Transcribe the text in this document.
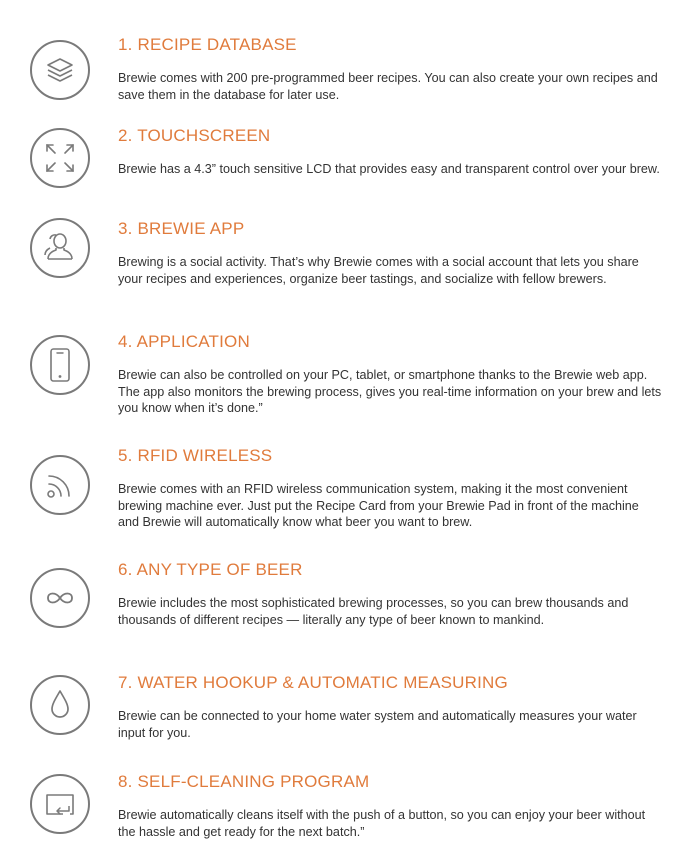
1. RECIPE DATABASE

Brewie comes with 200 pre-programmed beer recipes. You can also create your own recipes and save them in the database for later use.

2. TOUCHSCREEN

Brewie has a 4.3” touch sensitive LCD that provides easy and transparent control over your brew.

3. BREWIE APP

Brewing is a social activity. That’s why Brewie comes with a social account that lets you share your recipes and experiences, organize beer tastings, and socialize with fellow brewers.

4. APPLICATION

Brewie can also be controlled on your PC, tablet, or smartphone thanks to the Brewie web app. The app also monitors the brewing process, gives you real-time information on your brew and lets you know when it’s done.”

5. RFID WIRELESS

Brewie comes with an RFID wireless communication system, making it the most convenient brewing machine ever. Just put the Recipe Card from your Brewie Pad in front of the machine and Brewie will automatically know what beer you want to brew.

6. ANY TYPE OF BEER

Brewie includes the most sophisticated brewing processes, so you can brew thousands and thousands of different recipes — literally any type of beer known to mankind.

7. WATER HOOKUP & AUTOMATIC MEASURING

Brewie can be connected to your home water system and automatically measures your water input for you.

8. SELF-CLEANING PROGRAM

Brewie automatically cleans itself with the push of a button, so you can enjoy your beer without the hassle and get ready for the next batch.”
